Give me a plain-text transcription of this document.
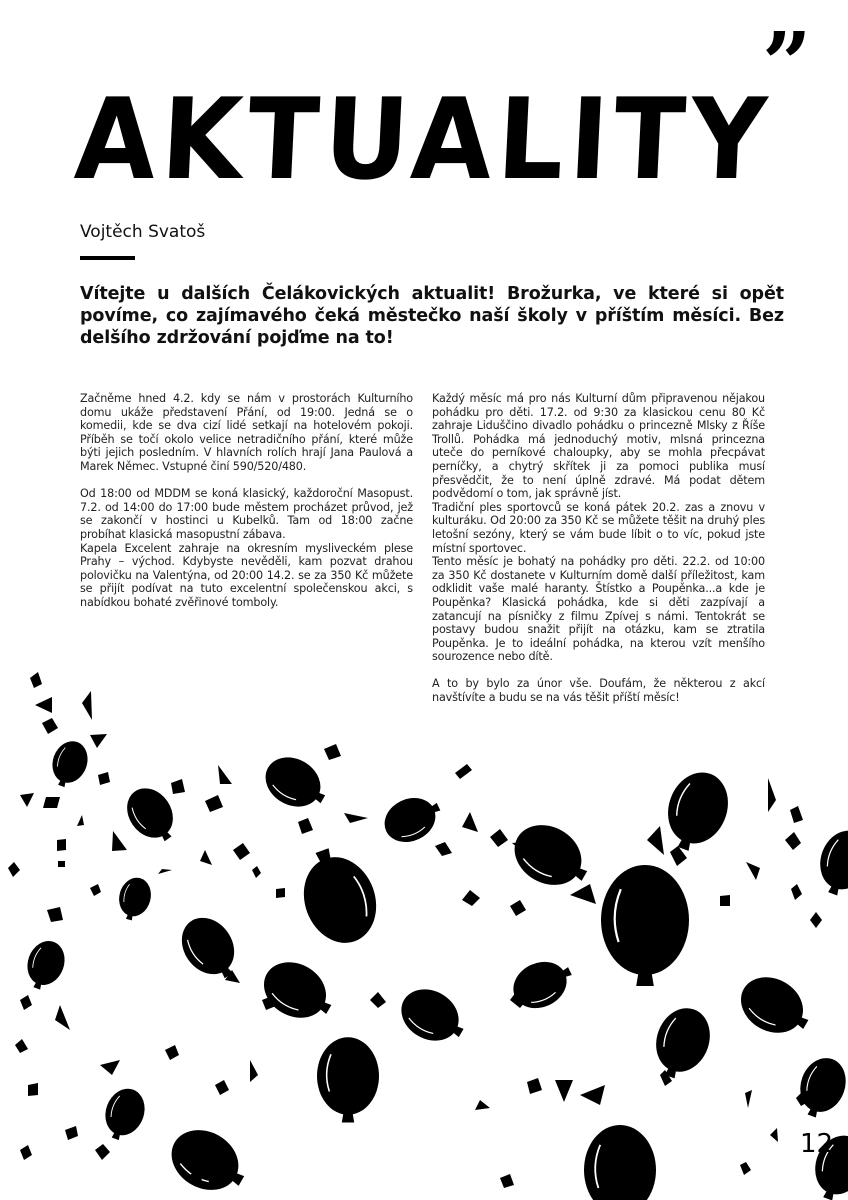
AKTUALITY
”
Vojtěch Svatoš
Vítejte u dalších Čelákovických aktualit! Brožurka, ve které si opět povíme, co zajímavého čeká městečko naší školy v příštím měsíci. Bez delšího zdržování pojďme na to!

Začněme hned 4.2. kdy se nám v prostorách Kulturního domu ukáže představení Přání, od 19:00. Jedná se o komedii, kde se dva cizí lidé setkají na hotelovém pokoji. Příběh se točí okolo velice netradičního přání, které může býti jejich posledním. V hlavních rolích hrají Jana Paulová a Marek Němec. Vstupné činí 590/520/480.

Od 18:00 od MDDM se koná klasický, každoroční Masopust. 7.2. od 14:00 do 17:00 bude městem procházet průvod, jež se zakončí v hostinci u Kubelků. Tam od 18:00 začne probíhat klasická masopustní zábava.

Kapela Excelent zahraje na okresním mysliveckém plese Prahy – východ. Kdybyste nevěděli, kam pozvat drahou polovičku na Valentýna, od 20:00 14.2. se za 350 Kč můžete se přijít podívat na tuto excelentní společenskou akci, s nabídkou bohaté zvěřinové tomboly.

Každý měsíc má pro nás Kulturní dům připravenou nějakou pohádku pro děti. 17.2. od 9:30 za klasickou cenu 80 Kč zahraje Liduščino divadlo pohádku o princezně Mlsky z Říše Trollů. Pohádka má jednoduchý motiv, mlsná princezna uteče do perníkové chaloupky, aby se mohla přecpávat perníčky, a chytrý skřítek ji za pomoci publika musí přesvědčit, že to není úplně zdravé. Má podat dětem podvědomí o tom, jak správně jíst.

Tradiční ples sportovců se koná pátek 20.2. zas a znovu v kulturáku. Od 20:00 za 350 Kč se můžete těšit na druhý ples letošní sezóny, který se vám bude líbit o to víc, pokud jste místní sportovec.

Tento měsíc je bohatý na pohádky pro děti. 22.2. od 10:00 za 350 Kč dostanete v Kulturním domě další příležitost, kam odklidit vaše malé haranty. Štístko a Poupěnka...a kde je Poupěnka? Klasická pohádka, kde si děti zazpívají a zatancují na písničky z filmu Zpívej s námi. Tentokrát se postavy budou snažit přijít na otázku, kam se ztratila Poupěnka. Je to ideální pohádka, na kterou vzít menšího sourozence nebo dítě.

A to by bylo za únor vše. Doufám, že některou z akcí navštívíte a budu se na vás těšit příští měsíc!

12
